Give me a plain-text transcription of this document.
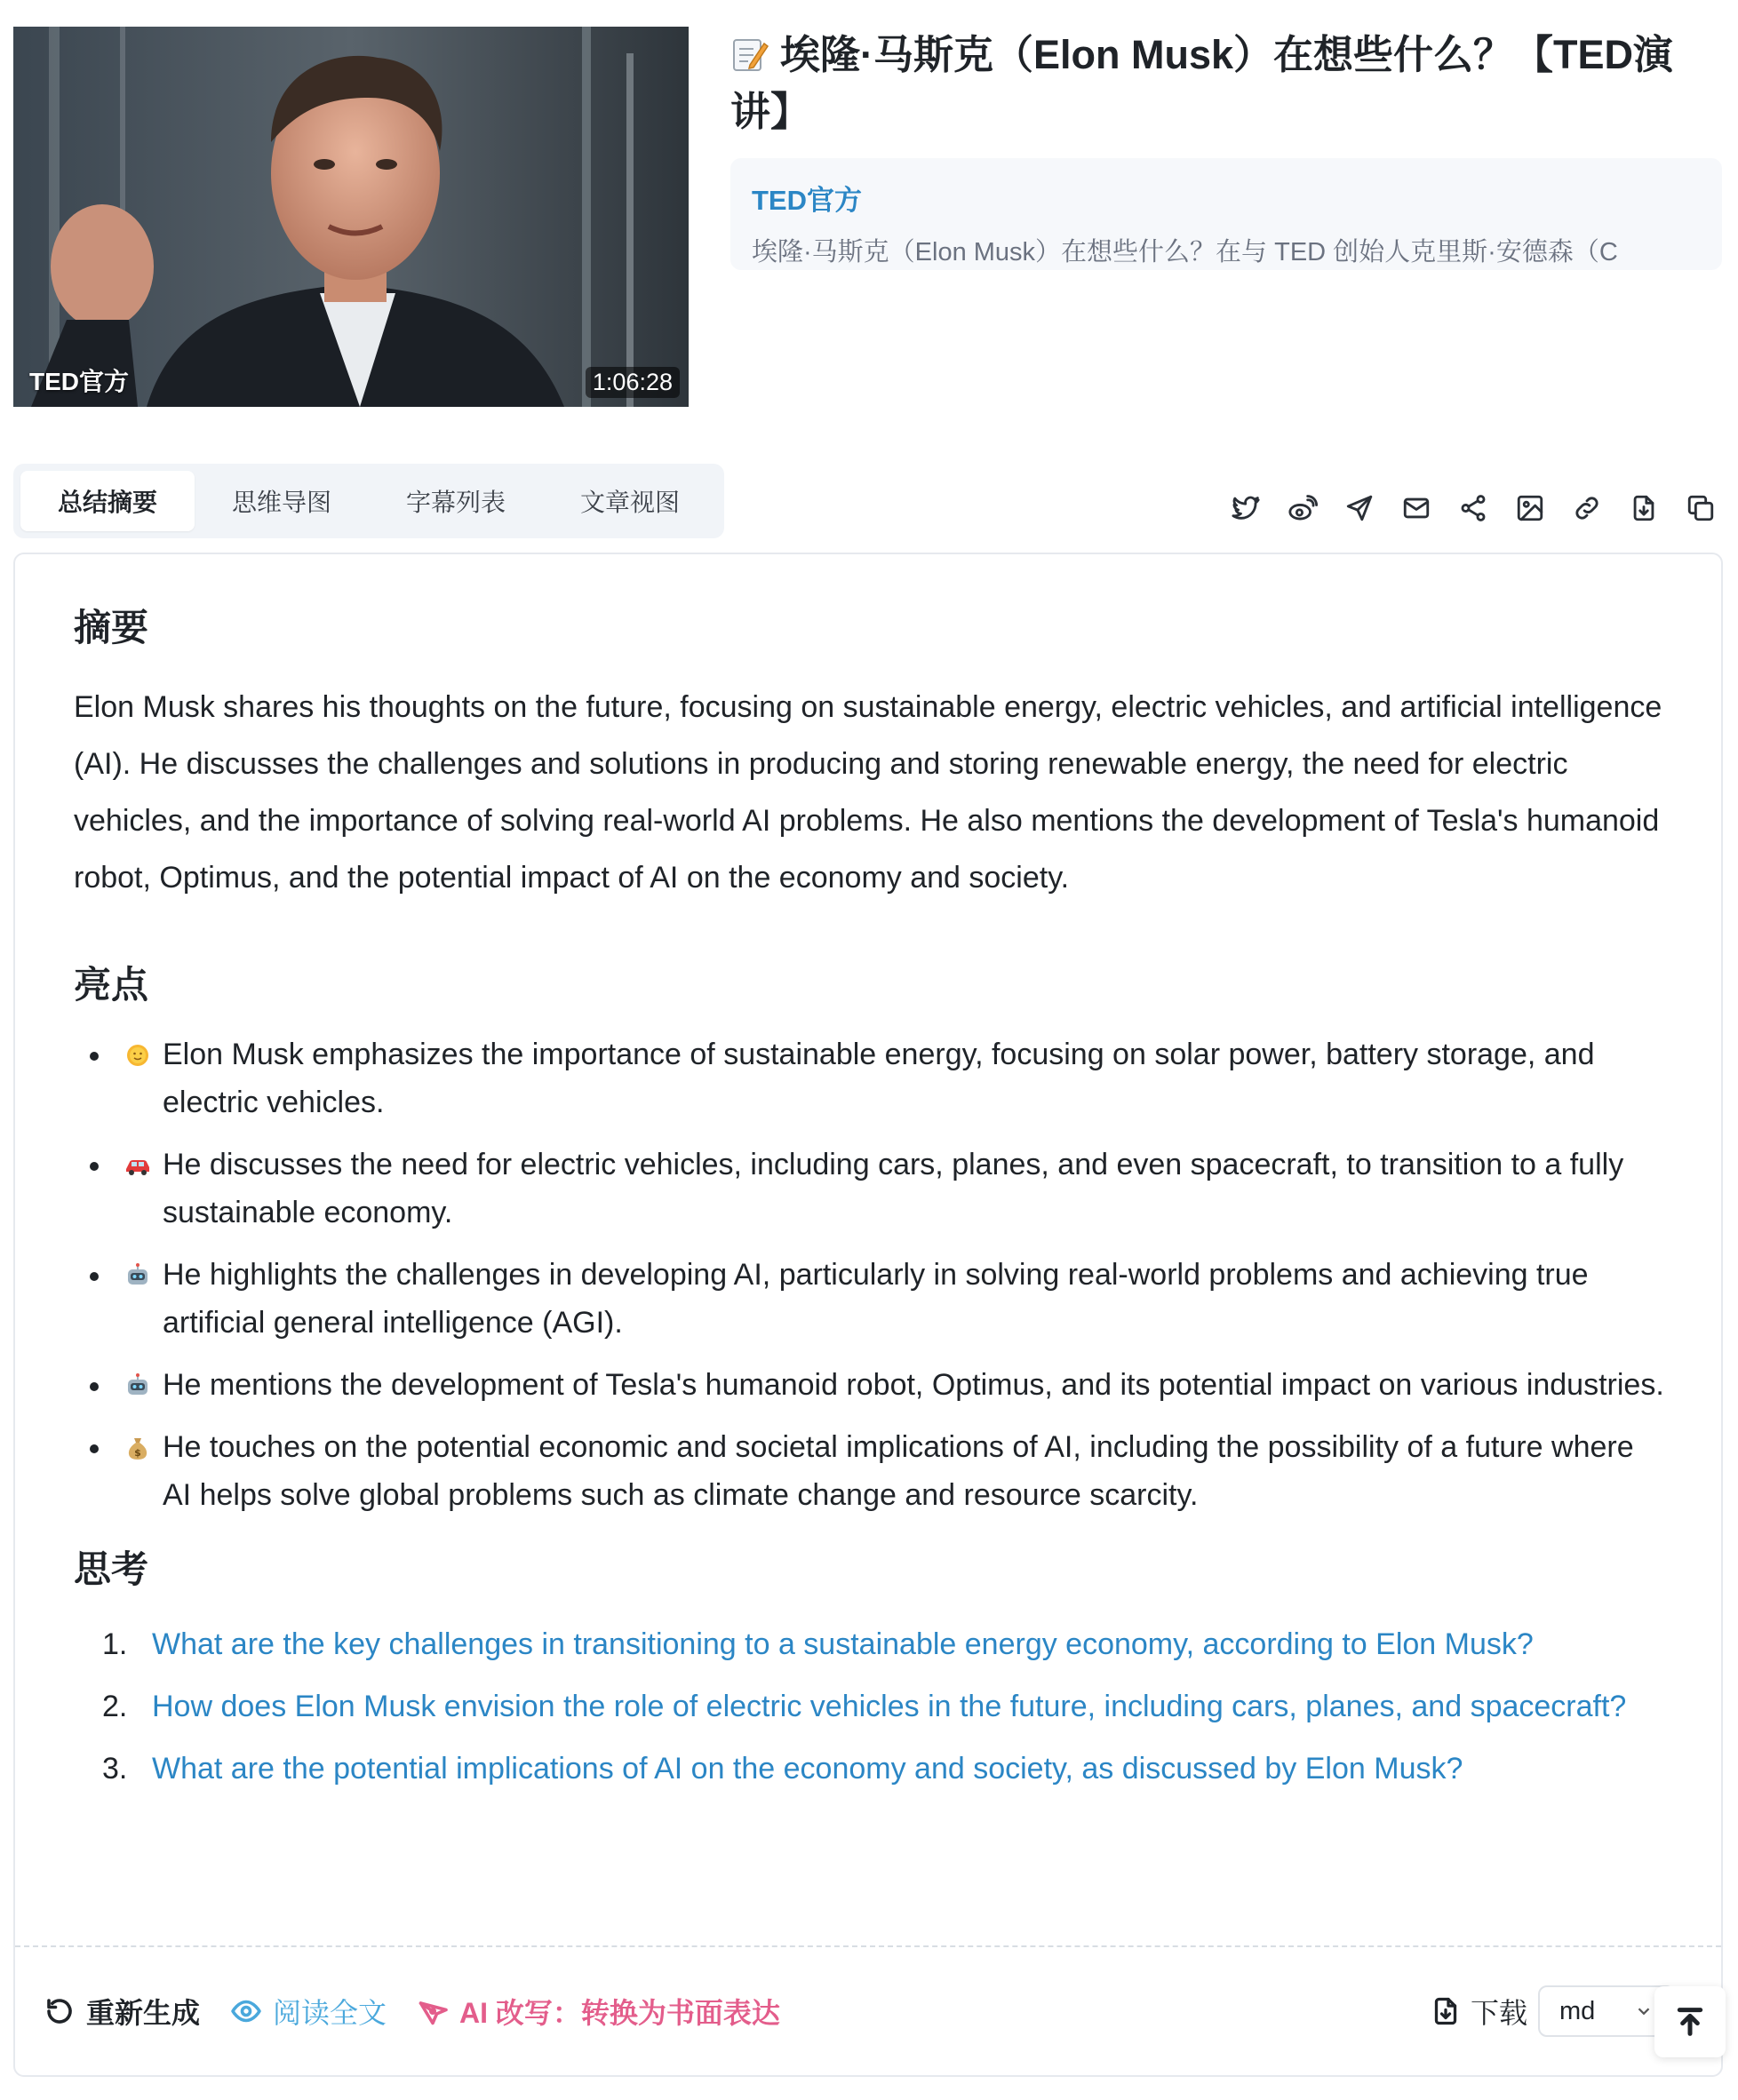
TED官方	1:06:28
埃隆·马斯克（Elon Musk）在想些什么？【TED演讲】
TED官方
埃隆·马斯克（Elon Musk）在想些什么？在与 TED 创始人克里斯·安德森（C
总结摘要	思维导图	字幕列表	文章视图
摘要

Elon Musk shares his thoughts on the future, focusing on sustainable energy, electric vehicles, and artificial intelligence (AI). He discusses the challenges and solutions in producing and storing renewable energy, the need for electric vehicles, and the importance of solving real-world AI problems. He also mentions the development of Tesla's humanoid robot, Optimus, and the potential impact of AI on the economy and society.

亮点
Elon Musk emphasizes the importance of sustainable energy, focusing on solar power, battery storage, and electric vehicles.
He discusses the need for electric vehicles, including cars, planes, and even spacecraft, to transition to a fully sustainable economy.
He highlights the challenges in developing AI, particularly in solving real-world problems and achieving true artificial general intelligence (AGI).
He mentions the development of Tesla's humanoid robot, Optimus, and its potential impact on various industries.
$ He touches on the potential economic and societal implications of AI, including the possibility of a future where AI helps solve global problems such as climate change and resource scarcity.
思考
1. What are the key challenges in transitioning to a sustainable energy economy, according to Elon Musk?
2. How does Elon Musk envision the role of electric vehicles in the future, including cars, planes, and spacecraft?
3. What are the potential implications of AI on the economy and society, as discussed by Elon Musk?
重新生成	阅读全文	AI 改写：转换为书面表达	下载 md
